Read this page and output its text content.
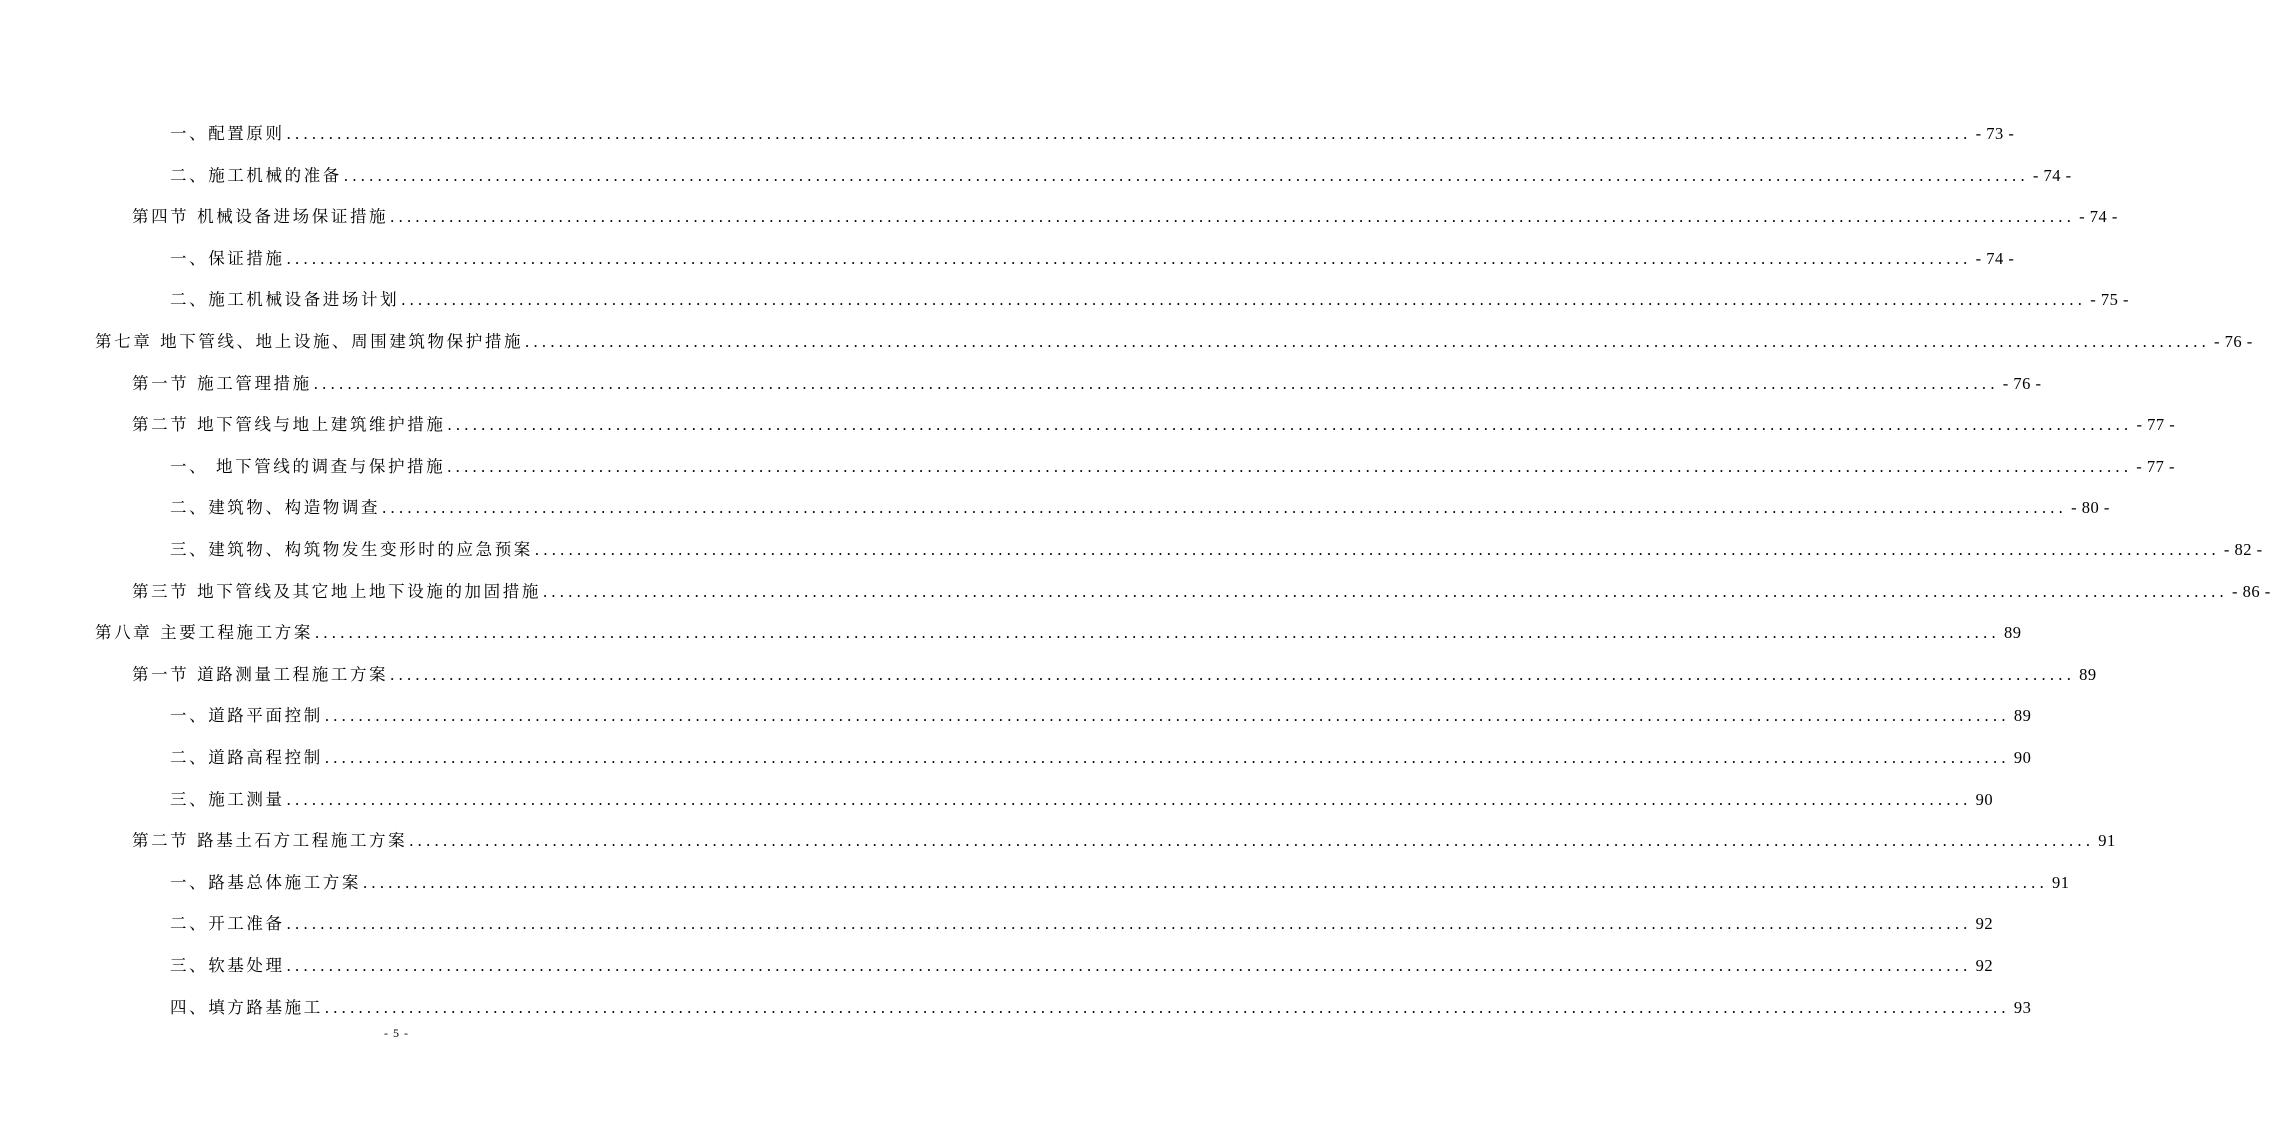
一、配置原则 ........................................................................................................................................................................................................ - 73 -
二、施工机械的准备 ........................................................................................................................................................................................................ - 74 -
第四节 机械设备进场保证措施 ........................................................................................................................................................................................................ - 74 -
一、保证措施 ........................................................................................................................................................................................................ - 74 -
二、施工机械设备进场计划 ........................................................................................................................................................................................................ - 75 -
第七章 地下管线、地上设施、周围建筑物保护措施 ........................................................................................................................................................................................................ - 76 -
第一节 施工管理措施 ........................................................................................................................................................................................................ - 76 -
第二节 地下管线与地上建筑维护措施 ........................................................................................................................................................................................................ - 77 -
一、 地下管线的调查与保护措施 ........................................................................................................................................................................................................ - 77 -
二、建筑物、构造物调查 ........................................................................................................................................................................................................ - 80 -
三、建筑物、构筑物发生变形时的应急预案 ........................................................................................................................................................................................................ - 82 -
第三节 地下管线及其它地上地下设施的加固措施 ........................................................................................................................................................................................................ - 86 -
第八章 主要工程施工方案 ........................................................................................................................................................................................................ 89
第一节 道路测量工程施工方案 ........................................................................................................................................................................................................ 89
一、道路平面控制 ........................................................................................................................................................................................................ 89
二、道路高程控制 ........................................................................................................................................................................................................ 90
三、施工测量 ........................................................................................................................................................................................................ 90
第二节 路基土石方工程施工方案 ........................................................................................................................................................................................................ 91
一、路基总体施工方案 ........................................................................................................................................................................................................ 91
二、开工准备 ........................................................................................................................................................................................................ 92
三、软基处理 ........................................................................................................................................................................................................ 92
四、填方路基施工 ........................................................................................................................................................................................................ 93
- 5 -
